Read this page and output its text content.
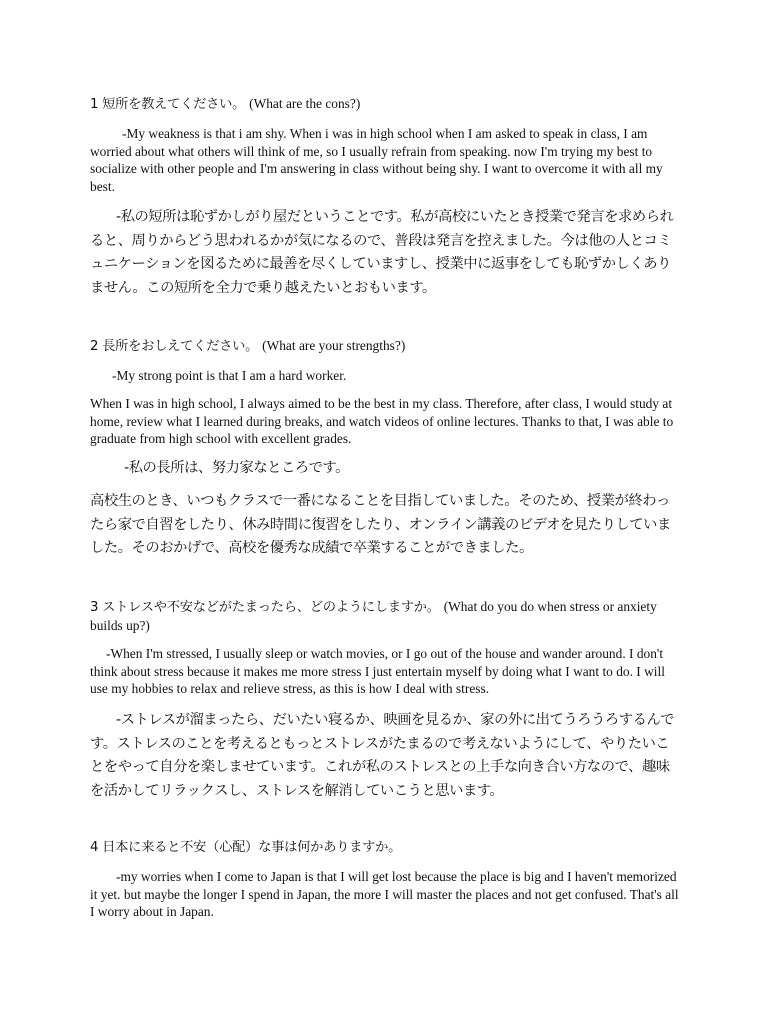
1 短所を教えてください。 (What are the cons?)

-My weakness is that i am shy. When i was in high school when I am asked to speak in class, I am worried about what others will think of me, so I usually refrain from speaking. now I'm trying my best to socialize with other people and I'm answering in class without being shy. I want to overcome it with all my best.

-私の短所は恥ずかしがり屋だということです。私が高校にいたとき授業で発言を求められると、周りからどう思われるかが気になるので、普段は発言を控えました。今は他の人とコミュニケーションを図るために最善を尽くしていますし、授業中に返事をしても恥ずかしくありません。この短所を全力で乗り越えたいとおもいます。

2 長所をおしえてください。 (What are your strengths?)

-My strong point is that I am a hard worker.

When I was in high school, I always aimed to be the best in my class. Therefore, after class, I would study at home, review what I learned during breaks, and watch videos of online lectures. Thanks to that, I was able to graduate from high school with excellent grades.

-私の長所は、努力家なところです。

高校生のとき、いつもクラスで一番になることを目指していました。そのため、授業が終わったら家で自習をしたり、休み時間に復習をしたり、オンライン講義のビデオを見たりしていました。そのおかげで、高校を優秀な成績で卒業することができました。

3 ストレスや不安などがたまったら、どのようにしますか。 (What do you do when stress or anxiety builds up?)

-When I'm stressed, I usually sleep or watch movies, or I go out of the house and wander around. I don't think about stress because it makes me more stress I just entertain myself by doing what I want to do. I will use my hobbies to relax and relieve stress, as this is how I deal with stress.

-ストレスが溜まったら、だいたい寝るか、映画を見るか、家の外に出てうろうろするんです。ストレスのことを考えるともっとストレスがたまるので考えないようにして、やりたいことをやって自分を楽しませています。これが私のストレスとの上手な向き合い方なので、趣味を活かしてリラックスし、ストレスを解消していこうと思います。

4 日本に来ると不安（心配）な事は何かありますか。

-my worries when I come to Japan is that I will get lost because the place is big and I haven't memorized it yet. but maybe the longer I spend in Japan, the more I will master the places and not get confused. That's all I worry about in Japan.
